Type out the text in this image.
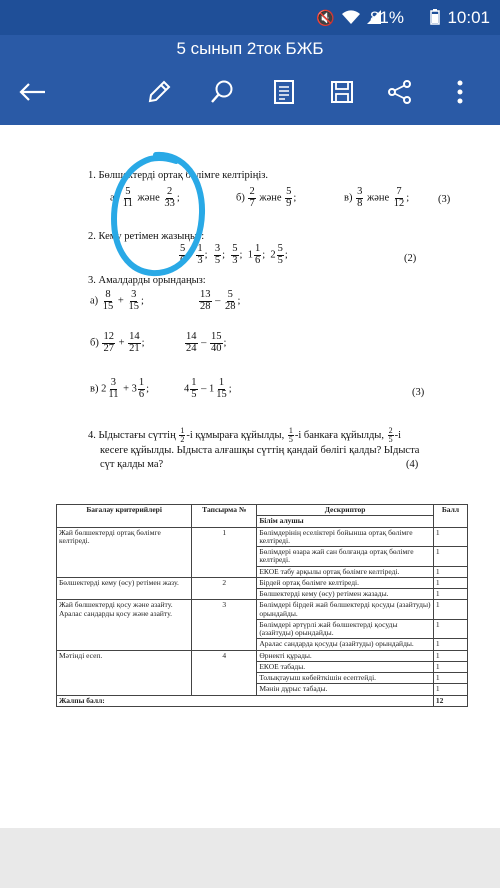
🔇 81%	10:01
5 сынып 2ток БЖБ
1. Бөлшектерді ортақ бөлімге келтіріңіз.
$а) \frac{5}{11}$ және $\frac{2}{33}$ ;	$б) \frac{2}{7}$ және $\frac{5}{9}$ ;	$в) \frac{3}{8}$ және $\frac{7}{12}$ ;	(3)
2. Кему ретімен жазыңыз:
$\frac{5}{6}$ ; $\frac{1}{3}$ ; $\frac{3}{5}$ ; $\frac{5}{3}$ ;  $1 \frac{1}{6}$ ;  $2 \frac{5}{5}$ ;	(2)
3. Амалдарды орындаңыз:
$а) \frac{8}{15} + \frac{3}{15}$ ;	$\frac{13}{28} - \frac{5}{28}$ ;
$б) \frac{12}{27} + \frac{14}{21}$ ;	$\frac{14}{24} - \frac{15}{40}$ ;
в) $2 \frac{3}{11} + 3 \frac{1}{6}$ ;	$4 \frac{1}{5} - 1 \frac{1}{15}$ ;	(3)
4. Ыдыстағы сүттің $\frac{1}{2} -і$ құмыраға құйылды, $\frac{1}{5} -і$ банкаға құйылды, $\frac{2}{5} -і$
кесеге құйылды. Ыдыста алғашқы сүттің қандай бөлігі қалды? Ыдыста
сүт қалды ма?	(4)
Бағалау критерийлері	Тапсырма №	Дескриптор	Балл
		Білім алушы	
Жай бөлшектерді ортақ бөлімге келтіреді.	1	Бөлімдерінің еселіктері бойынша ортақ бөлімге келтіреді.	1
		Бөлімдері өзара жай сан болғанда ортақ бөлімге келтіреді.	1
		ЕКОЕ табу арқылы ортақ бөлімге келтіреді.	1
Бөлшектерді кему (өсу) ретімен жазу.	2	Бірдей ортақ бөлімге келтіреді.	1
		Бөлшектерді кему (өсу) ретімен жазады.	1
Жай бөлшектерді қосу және азайту. Аралас сандарды қосу және азайту.	3	Бөлімдері бірдей жай бөлшектерді қосуды (азайтуды) орындайды.	1
		Бөлімдері әртүрлі жай бөлшектерді қосуды (азайтуды) орындайды.	1
		Аралас сандарда қосуды (азайтуды) орындайды.	1
Мәтінді есеп.	4	Өрнекті құрады.	1
		ЕКОЕ табады.	1
		Толықтауыш көбейткішін есептейді.	1
		Мәнін дұрыс табады.	1
Жалпы балл:			12
